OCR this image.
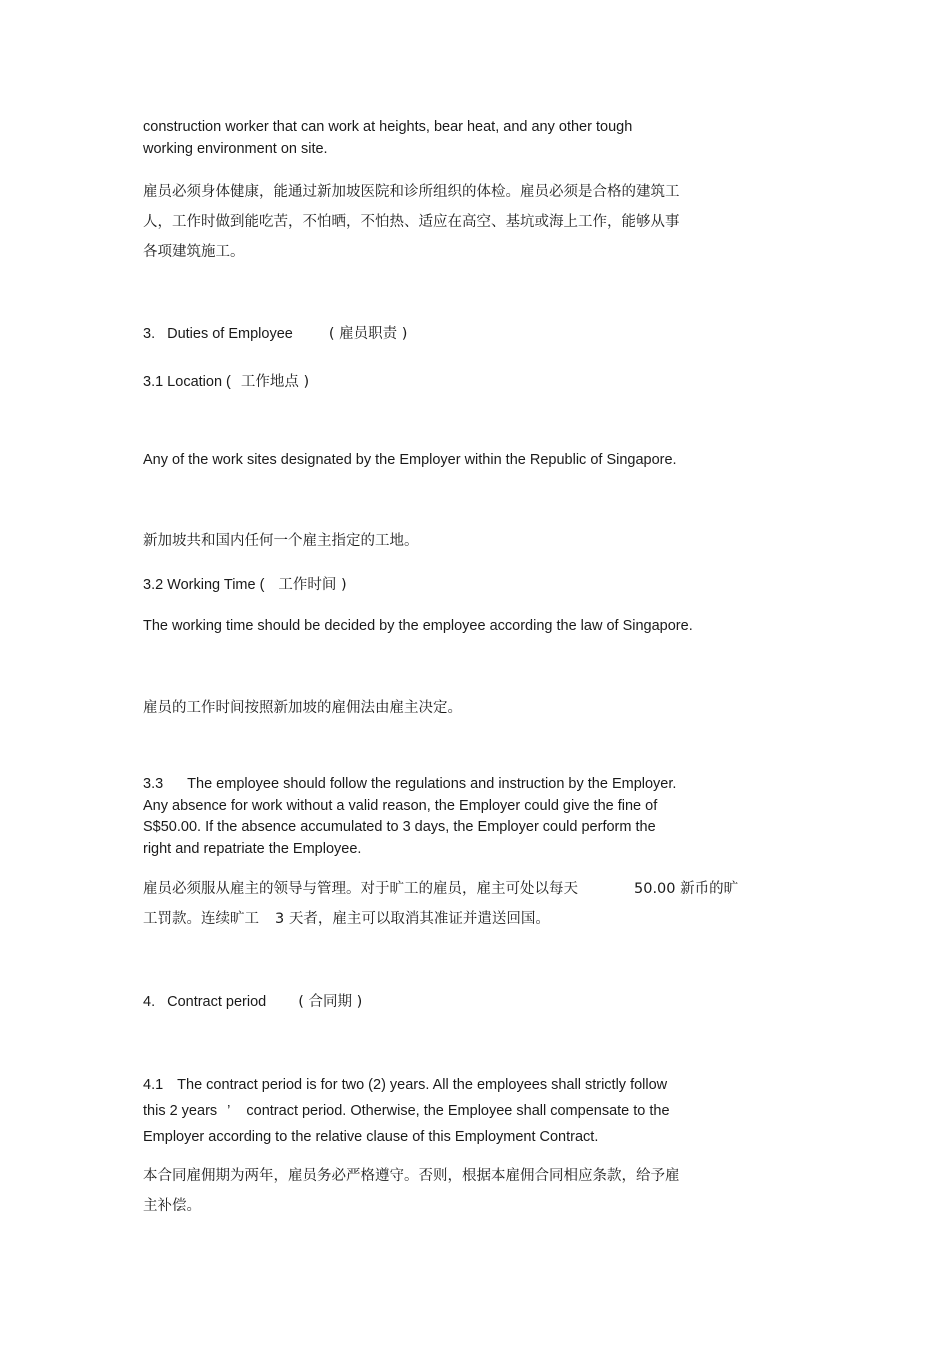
construction worker that can work at heights, bear heat, and any other tough
working environment on site.
雇员必须身体健康，能通过新加坡医院和诊所组织的体检。雇员必须是合格的建筑工
人，工作时做到能吃苦，不怕晒，不怕热、适应在高空、基坑或海上工作，能够从事
各项建筑施工。
3. Duties of Employee ( 雇员职责 )
3.1 Location ( 工作地点 )
Any of the work sites designated by the Employer within the Republic of Singapore.
新加坡共和国内任何一个雇主指定的工地。
3.2 Working Time ( 工作时间 )
The working time should be decided by the employee according the law of Singapore.
雇员的工作时间按照新加坡的雇佣法由雇主决定。
3.3 The employee should follow the regulations and instruction by the Employer.
Any absence for work without a valid reason, the Employer could give the fine of
S$50.00. If the absence accumulated to 3 days, the Employer could perform the
right and repatriate the Employee.
雇员必须服从雇主的领导与管理。对于旷工的雇员，雇主可处以每天	50.00 新币的旷
工罚款。连续旷工 3 天者，雇主可以取消其准证并遣送回国。
4. Contract period ( 合同期 )
4.1 The contract period is for two (2) years. All the employees shall strictly follow
this 2 years ’ contract period. Otherwise, the Employee shall compensate to the
Employer according to the relative clause of this Employment Contract.
本合同雇佣期为两年，雇员务必严格遵守。否则，根据本雇佣合同相应条款，给予雇
主补偿。
